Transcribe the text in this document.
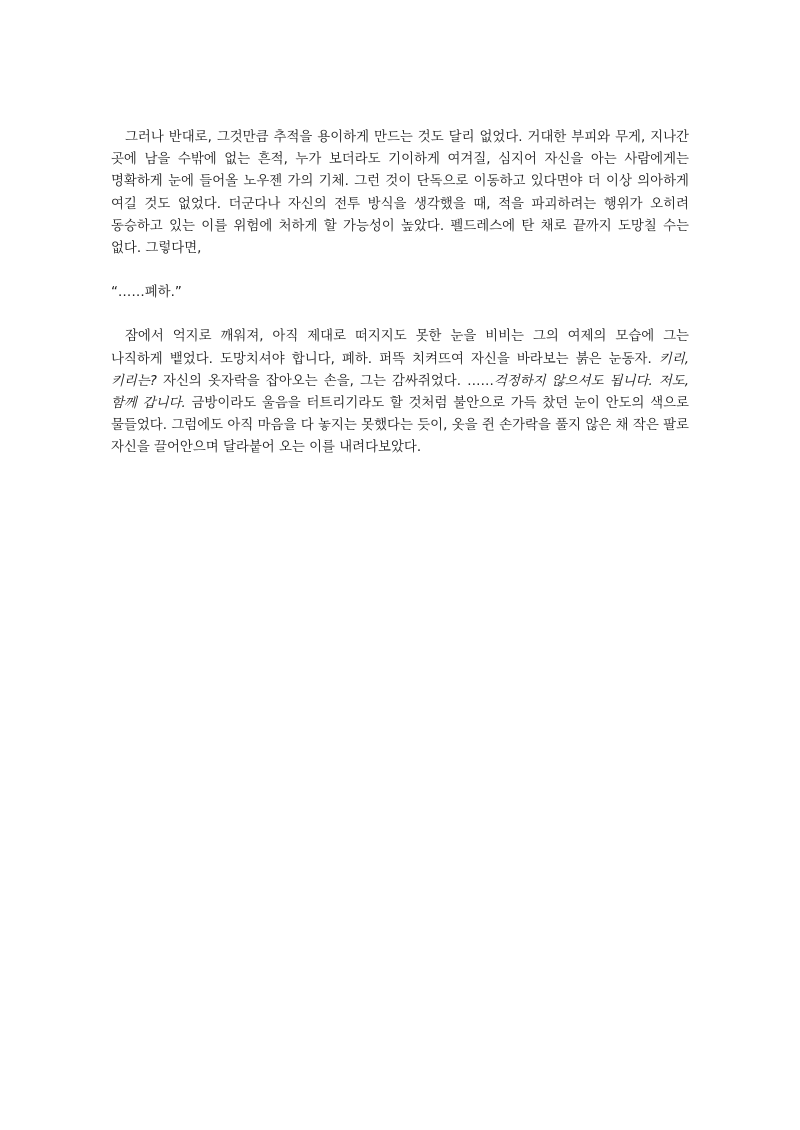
그러나 반대로, 그것만큼 추적을 용이하게 만드는 것도 달리 없었다. 거대한 부피와 무게, 지나간 곳에 남을 수밖에 없는 흔적, 누가 보더라도 기이하게 여겨질, 심지어 자신을 아는 사람에게는 명확하게 눈에 들어올 노우젠 가의 기체. 그런 것이 단독으로 이동하고 있다면야 더 이상 의아하게 여길 것도 없었다. 더군다나 자신의 전투 방식을 생각했을 때, 적을 파괴하려는 행위가 오히려 동승하고 있는 이를 위험에 처하게 할 가능성이 높았다. 펠드레스에 탄 채로 끝까지 도망칠 수는 없다. 그렇다면,

“……폐하.”

잠에서 억지로 깨워져, 아직 제대로 떠지지도 못한 눈을 비비는 그의 여제의 모습에 그는 나직하게 뱉었다. 도망치셔야 합니다, 폐하. 퍼뜩 치켜뜨여 자신을 바라보는 붉은 눈동자. 키리, 키리는? 자신의 옷자락을 잡아오는 손을, 그는 감싸쥐었다. ……걱정하지 않으셔도 됩니다. 저도, 함께 갑니다. 금방이라도 울음을 터트리기라도 할 것처럼 불안으로 가득 찼던 눈이 안도의 색으로 물들었다. 그럼에도 아직 마음을 다 놓지는 못했다는 듯이, 옷을 쥔 손가락을 풀지 않은 채 작은 팔로 자신을 끌어안으며 달라붙어 오는 이를 내려다보았다.
